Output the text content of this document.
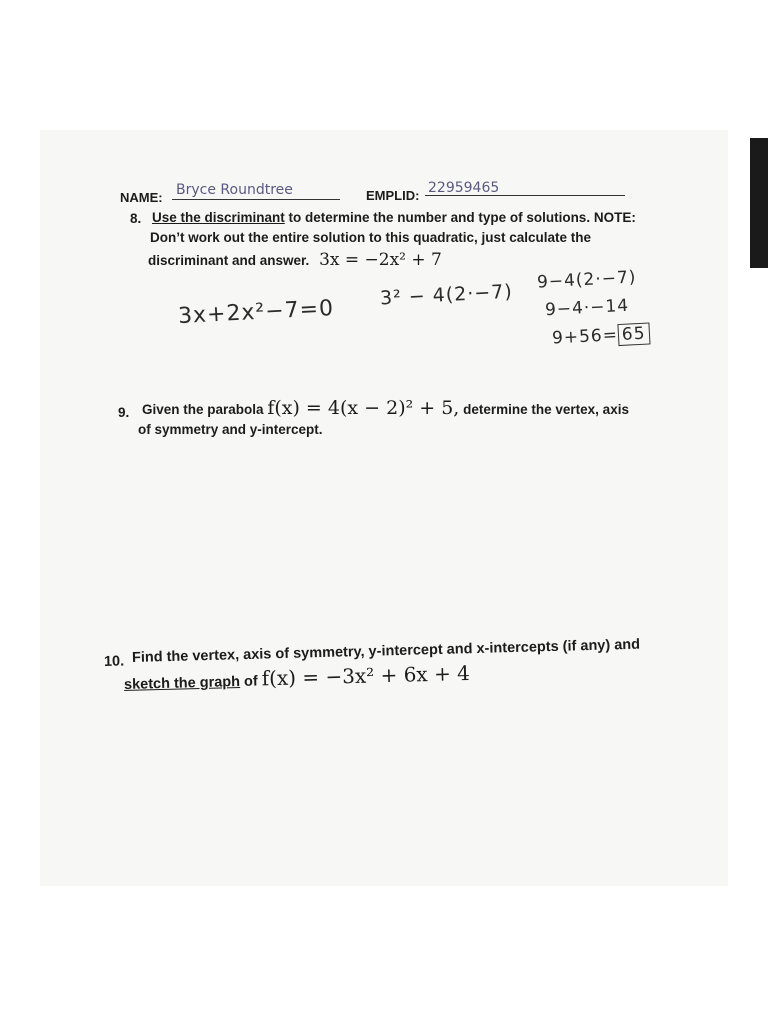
NAME: Bryce Roundtree	EMPLID: 22959465
8. Use the discriminant to determine the number and type of solutions. NOTE:
Don’t work out the entire solution to this quadratic, just calculate the
discriminant and answer. 3x = −2x² + 7
3x+2x²−7=0
3² − 4(2·−7)
9−4(2·−7)
9−4·−14
9+56= 65
9. Given the parabola f(x) = 4(x − 2)² + 5, determine the vertex, axis
of symmetry and y-intercept.
10. Find the vertex, axis of symmetry, y-intercept and x-intercepts (if any) and
sketch the graph of f(x) = −3x² + 6x + 4
